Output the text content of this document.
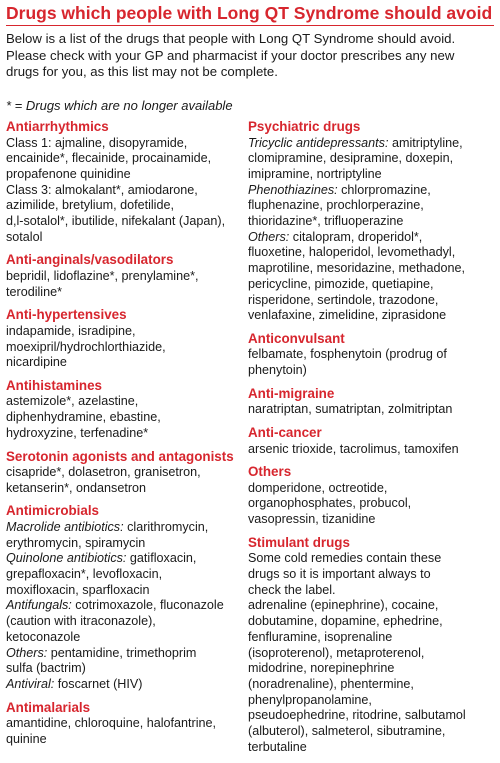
Drugs which people with Long QT Syndrome should avoid
Below is a list of the drugs that people with Long QT Syndrome should avoid.
Please check with your GP and pharmacist if your doctor prescribes any new
drugs for you, as this list may not be complete.
* = Drugs which are no longer available
Antiarrhythmics
Class 1: ajmaline, disopyramide,
encainide*, flecainide, procainamide,
propafenone quinidine
Class 3: almokalant*, amiodarone,
azimilide, bretylium, dofetilide,
d,l-sotalol*, ibutilide, nifekalant (Japan),
sotalol
Anti-anginals/vasodilators
bepridil, lidoflazine*, prenylamine*,
terodiline*
Anti-hypertensives
indapamide, isradipine,
moexipril/hydrochlorthiazide,
nicardipine
Antihistamines
astemizole*, azelastine,
diphenhydramine, ebastine,
hydroxyzine, terfenadine*
Serotonin agonists and antagonists
cisapride*, dolasetron, granisetron,
ketanserin*, ondansetron
Antimicrobials
Macrolide antibiotics: clarithromycin,
erythromycin, spiramycin
Quinolone antibiotics: gatifloxacin,
grepafloxacin*, levofloxacin,
moxifloxacin, sparfloxacin
Antifungals: cotrimoxazole, fluconazole
(caution with itraconazole),
ketoconazole
Others: pentamidine, trimethoprim
sulfa (bactrim)
Antiviral: foscarnet (HIV)
Antimalarials
amantidine, chloroquine, halofantrine,
quinine
Psychiatric drugs
Tricyclic antidepressants: amitriptyline,
clomipramine, desipramine, doxepin,
imipramine, nortriptyline
Phenothiazines: chlorpromazine,
fluphenazine, prochlorperazine,
thioridazine*, trifluoperazine
Others: citalopram, droperidol*,
fluoxetine, haloperidol, levomethadyl,
maprotiline, mesoridazine, methadone,
pericycline, pimozide, quetiapine,
risperidone, sertindole, trazodone,
venlafaxine, zimelidine, ziprasidone
Anticonvulsant
felbamate, fosphenytoin (prodrug of
phenytoin)
Anti-migraine
naratriptan, sumatriptan, zolmitriptan
Anti-cancer
arsenic trioxide, tacrolimus, tamoxifen
Others
domperidone, octreotide,
organophosphates, probucol,
vasopressin, tizanidine
Stimulant drugs
Some cold remedies contain these
drugs so it is important always to
check the label.
adrenaline (epinephrine), cocaine,
dobutamine, dopamine, ephedrine,
fenfluramine, isoprenaline
(isoproterenol), metaproterenol,
midodrine, norepinephrine
(noradrenaline), phentermine,
phenylpropanolamine,
pseudoephedrine, ritodrine, salbutamol
(albuterol), salmeterol, sibutramine,
terbutaline
